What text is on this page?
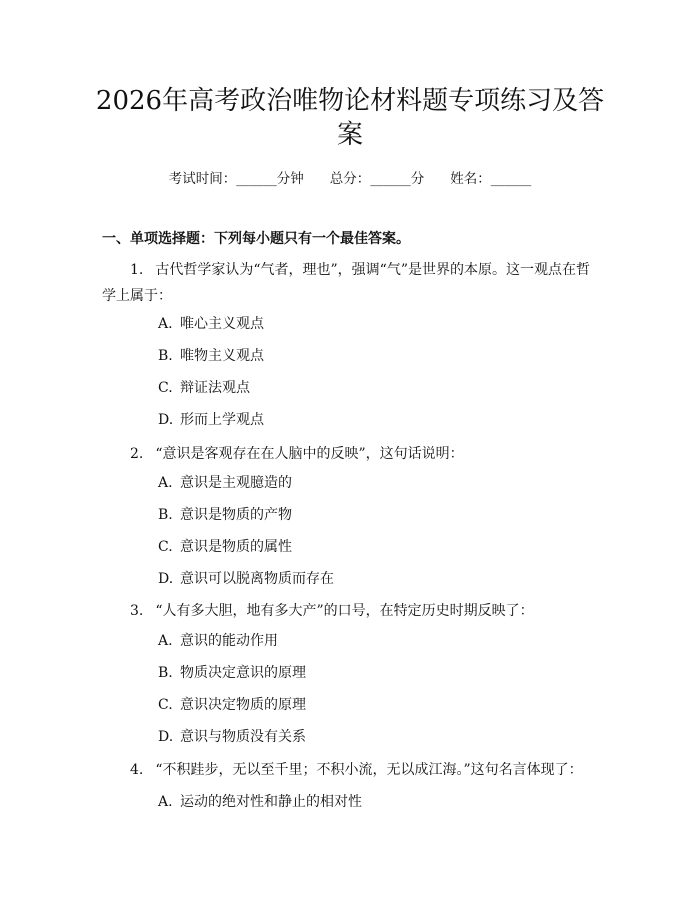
2026年高考政治唯物论材料题专项练习及答案
考试时间：______分钟 总分：______分 姓名：______
一、单项选择题：下列每小题只有一个最佳答案。
1. 古代哲学家认为“气者，理也”，强调“气”是世界的本原。这一观点在哲学上属于：
A. 唯心主义观点
B. 唯物主义观点
C. 辩证法观点
D. 形而上学观点
2. “意识是客观存在在人脑中的反映”，这句话说明：
A. 意识是主观臆造的
B. 意识是物质的产物
C. 意识是物质的属性
D. 意识可以脱离物质而存在
3. “人有多大胆，地有多大产”的口号，在特定历史时期反映了：
A. 意识的能动作用
B. 物质决定意识的原理
C. 意识决定物质的原理
D. 意识与物质没有关系
4. “不积跬步，无以至千里；不积小流，无以成江海。”这句名言体现了：
A. 运动的绝对性和静止的相对性
